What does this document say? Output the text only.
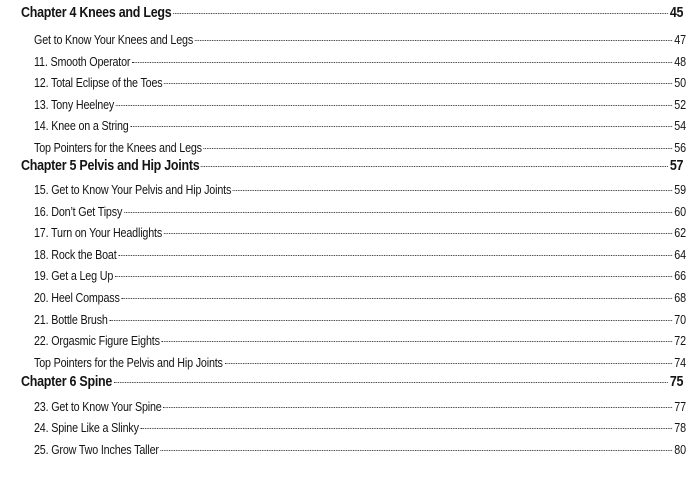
Chapter 4 Knees and Legs	45
Get to Know Your Knees and Legs	47
11. Smooth Operator	48
12. Total Eclipse of the Toes	50
13. Tony Heelney	52
14. Knee on a String	54
Top Pointers for the Knees and Legs	56
Chapter 5 Pelvis and Hip Joints	57
15. Get to Know Your Pelvis and Hip Joints	59
16. Don’t Get Tipsy	60
17. Turn on Your Headlights	62
18. Rock the Boat	64
19. Get a Leg Up	66
20. Heel Compass	68
21. Bottle Brush	70
22. Orgasmic Figure Eights	72
Top Pointers for the Pelvis and Hip Joints	74
Chapter 6 Spine	75
23. Get to Know Your Spine	77
24. Spine Like a Slinky	78
25. Grow Two Inches Taller	80
